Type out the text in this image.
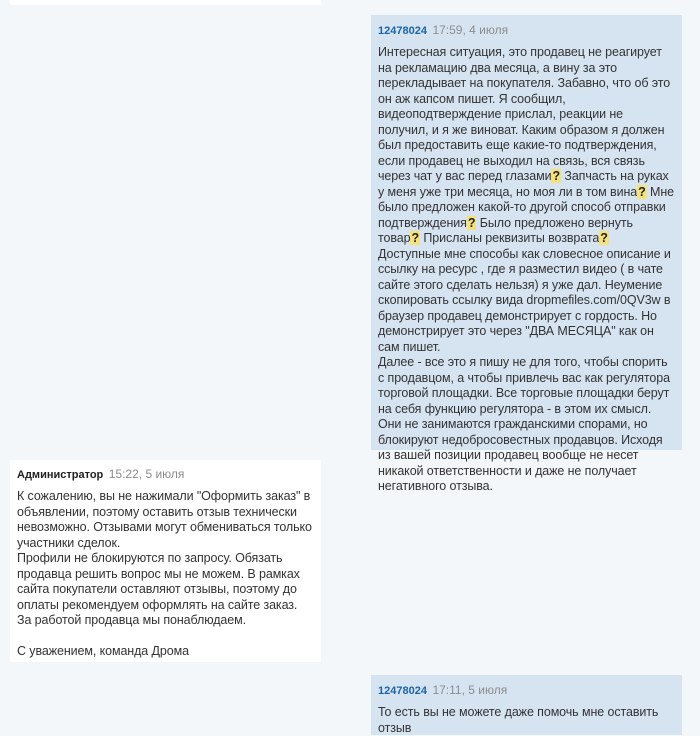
12478024 17:59, 4 июля

Интересная ситуация, это продавец не реагирует на рекламацию два месяца, а вину за это перекладывает на покупателя. Забавно, что об это он аж капсом пишет. Я сообщил, видеоподтверждение прислал, реакции не получил, и я же виноват. Каким образом я должен был предоставить еще какие-то подтверждения, если продавец не выходил на связь, вся связь через чат у вас перед глазами? Запчасть на руках у меня уже три месяца, но моя ли в том вина? Мне было предложен какой-то другой способ отправки подтверждения? Было предложено вернуть товар? Присланы реквизиты возврата? Доступные мне способы как словесное описание и ссылку на ресурс , где я разместил видео ( в чате сайте этого сделать нельзя) я уже дал. Неумение скопировать ссылку вида dropmefiles.com/0QV3w в браузер продавец демонстрирует с гордость. Но демонстрирует это через "ДВА МЕСЯЦА" как он сам пишет.

Далее - все это я пишу не для того, чтобы спорить с продавцом, а чтобы привлечь вас как регулятора торговой площадки. Все торговые площадки берут на себя функцию регулятора - в этом их смысл. Они не занимаются гражданскими спорами, но блокируют недобросовестных продавцов. Исходя из вашей позиции продавец вообще не несет никакой ответственности и даже не получает негативного отзыва.

Администратор 15:22, 5 июля

К сожалению, вы не нажимали "Оформить заказ" в объявлении, поэтому оставить отзыв технически невозможно. Отзывами могут обмениваться только участники сделок.

Профили не блокируются по запросу. Обязать продавца решить вопрос мы не можем. В рамках сайта покупатели оставляют отзывы, поэтому до оплаты рекомендуем оформлять на сайте заказ.

За работой продавца мы понаблюдаем.

С уважением, команда Дрома

12478024 17:11, 5 июля

То есть вы не можете даже помочь мне оставить отзыв
